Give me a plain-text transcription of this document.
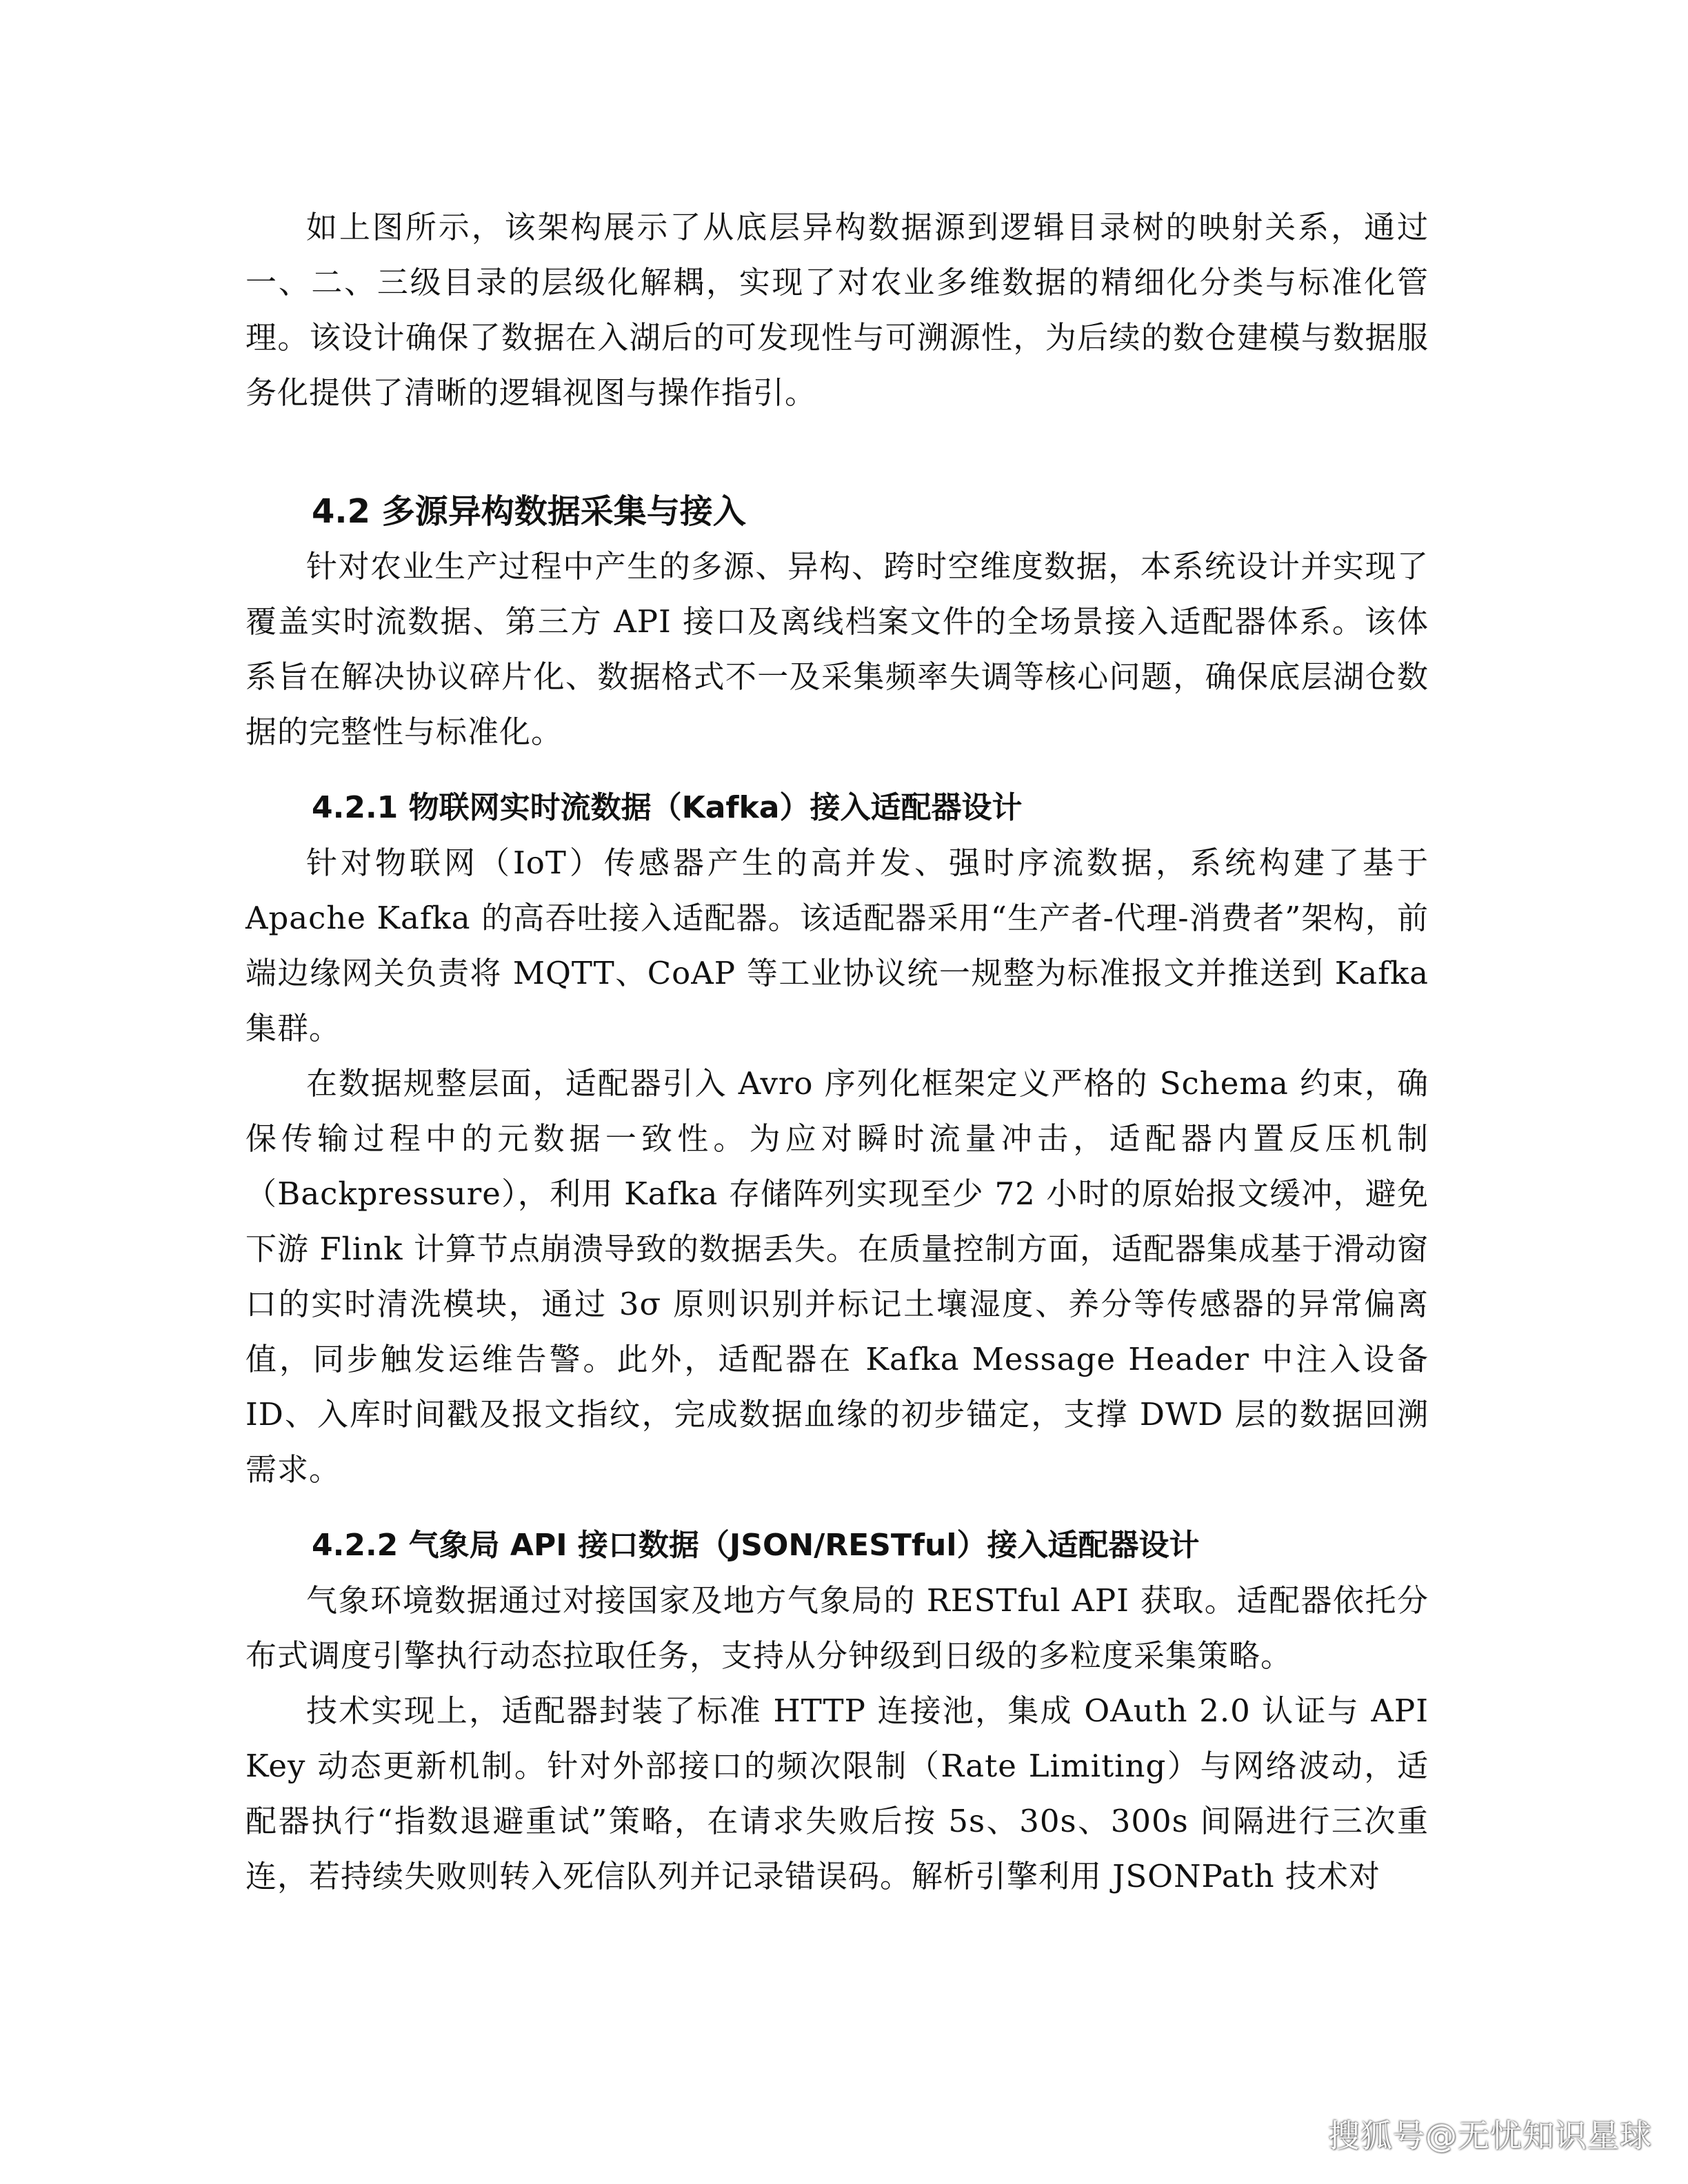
如上图所示，该架构展示了从底层异构数据源到逻辑目录树的映射关系，通过一、二、三级目录的层级化解耦，实现了对农业多维数据的精细化分类与标准化管理。该设计确保了数据在入湖后的可发现性与可溯源性，为后续的数仓建模与数据服务化提供了清晰的逻辑视图与操作指引。

4.2 多源异构数据采集与接入

针对农业生产过程中产生的多源、异构、跨时空维度数据，本系统设计并实现了覆盖实时流数据、第三方 API 接口及离线档案文件的全场景接入适配器体系。该体系旨在解决协议碎片化、数据格式不一及采集频率失调等核心问题，确保底层湖仓数据的完整性与标准化。

4.2.1 物联网实时流数据（Kafka）接入适配器设计

针对物联网（IoT）传感器产生的高并发、强时序流数据，系统构建了基于 Apache Kafka 的高吞吐接入适配器。该适配器采用“生产者-代理-消费者”架构，前端边缘网关负责将 MQTT、CoAP 等工业协议统一规整为标准报文并推送到 Kafka 集群。

在数据规整层面，适配器引入 Avro 序列化框架定义严格的 Schema 约束，确保传输过程中的元数据一致性。为应对瞬时流量冲击，适配器内置反压机制（Backpressure），利用 Kafka 存储阵列实现至少 72 小时的原始报文缓冲，避免下游 Flink 计算节点崩溃导致的数据丢失。在质量控制方面，适配器集成基于滑动窗口的实时清洗模块，通过 3σ 原则识别并标记土壤湿度、养分等传感器的异常偏离值，同步触发运维告警。此外，适配器在 Kafka Message Header 中注入设备 ID、入库时间戳及报文指纹，完成数据血缘的初步锚定，支撑 DWD 层的数据回溯需求。

4.2.2 气象局 API 接口数据（JSON/RESTful）接入适配器设计

气象环境数据通过对接国家及地方气象局的 RESTful API 获取。适配器依托分布式调度引擎执行动态拉取任务，支持从分钟级到日级的多粒度采集策略。

技术实现上，适配器封装了标准 HTTP 连接池，集成 OAuth 2.0 认证与 API Key 动态更新机制。针对外部接口的频次限制（Rate Limiting）与网络波动，适配器执行“指数退避重试”策略，在请求失败后按 5s、30s、300s 间隔进行三次重连，若持续失败则转入死信队列并记录错误码。解析引擎利用 JSONPath 技术对

搜狐号@无忧知识星球
